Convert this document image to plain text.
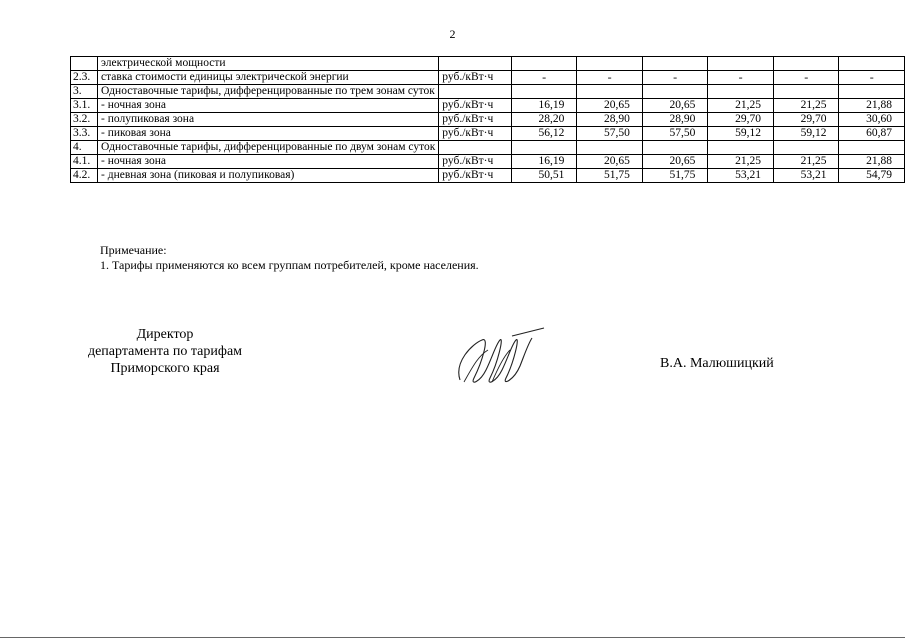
2
	электрической мощности							
2.3.	ставка стоимости единицы электрической энергии	руб./кВт·ч	-	-	-	-	-	-
3.	Одноставочные тарифы, дифференцированные по трем зонам суток							
3.1.	- ночная зона	руб./кВт·ч	16,19	20,65	20,65	21,25	21,25	21,88
3.2.	- полупиковая зона	руб./кВт·ч	28,20	28,90	28,90	29,70	29,70	30,60
3.3.	- пиковая зона	руб./кВт·ч	56,12	57,50	57,50	59,12	59,12	60,87
4.	Одноставочные тарифы, дифференцированные по двум зонам суток							
4.1.	- ночная зона	руб./кВт·ч	16,19	20,65	20,65	21,25	21,25	21,88
4.2.	- дневная зона (пиковая и полупиковая)	руб./кВт·ч	50,51	51,75	51,75	53,21	53,21	54,79
Примечание:
1. Тарифы применяются ко всем группам потребителей, кроме населения.
Директор
департамента по тарифам
Приморского края	В.А. Малюшицкий
